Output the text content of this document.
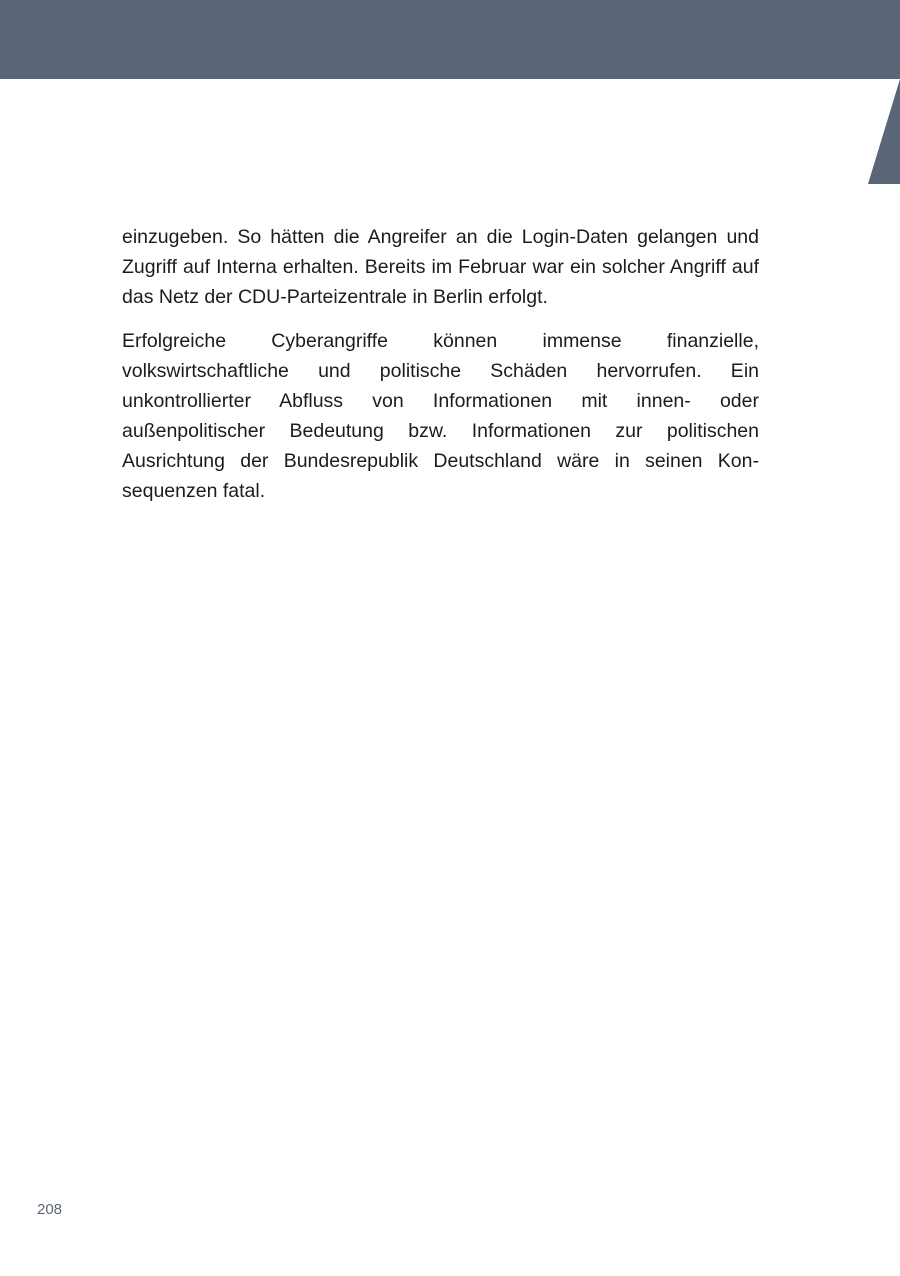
einzugeben. So hätten die Angreifer an die Login-Daten gelangen und Zugriff auf Interna erhalten. Bereits im Februar war ein solcher Angriff auf das Netz der CDU-Parteizentrale in Berlin erfolgt.

Erfolgreiche Cyberangriffe können immense finanzielle, volkswirtschaftliche und politische Schäden hervorrufen. Ein unkontrollierter Abfluss von Informationen mit innen- oder außenpolitischer Bedeutung bzw. Informationen zur politischen Ausrichtung der Bundesrepublik Deutschland wäre in seinen Konsequenzen fatal.

208
